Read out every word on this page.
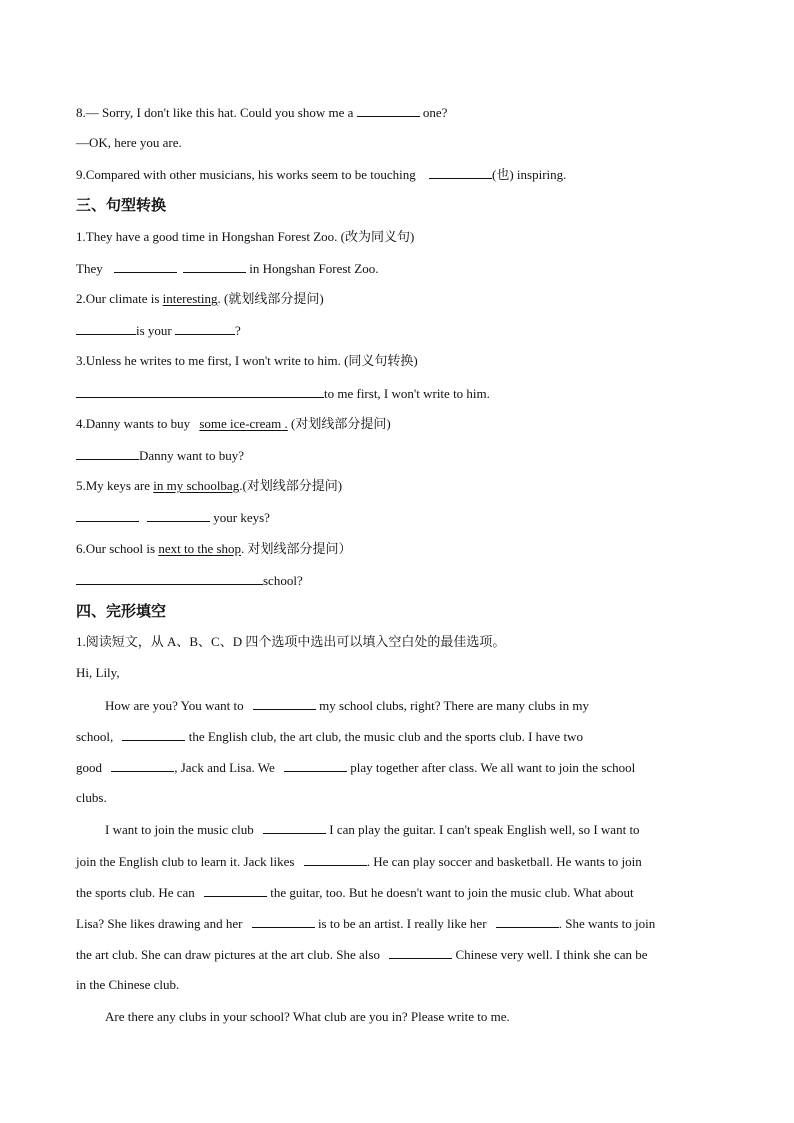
8.— Sorry, I don't like this hat. Could you show me a	one?
—OK, here you are.
9.Compared with other musicians, his works seem to be touching	(也) inspiring.
三、句型转换
1.They have a good time in Hongshan Forest Zoo. (改为同义句)
They	in Hongshan Forest Zoo.
2.Our climate is interesting. (就划线部分提问)
is your	?
3.Unless he writes to me first, I won't write to him. (同义句转换)
to me first, I won't write to him.
4.Danny wants to buy some ice-cream . (对划线部分提问)
Danny want to buy?
5.My keys are in my schoolbag.(对划线部分提问)
your keys?
6.Our school is next to the shop. 对划线部分提问）
school?
四、完形填空
1.阅读短文，从 A、B、C、D 四个选项中选出可以填入空白处的最佳选项。
Hi, Lily,
How are you? You want to	my school clubs, right? There are many clubs in my
school,	the English club, the art club, the music club and the sports club. I have two
good	, Jack and Lisa. We	play together after class. We all want to join the school
clubs.
I want to join the music club	I can play the guitar. I can't speak English well, so I want to
join the English club to learn it. Jack likes	. He can play soccer and basketball. He wants to join
the sports club. He can	the guitar, too. But he doesn't want to join the music club. What about
Lisa? She likes drawing and her	is to be an artist. I really like her	. She wants to join
the art club. She can draw pictures at the art club. She also	Chinese very well. I think she can be
in the Chinese club.
Are there any clubs in your school? What club are you in? Please write to me.
